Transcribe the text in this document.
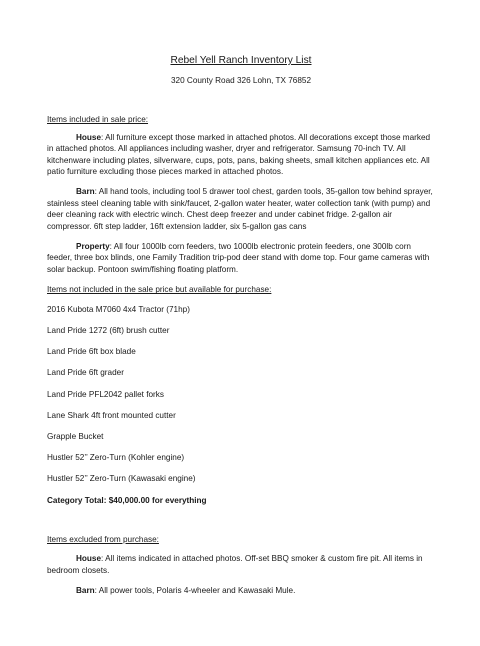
Rebel Yell Ranch Inventory List
320 County Road 326 Lohn, TX 76852
Items included in sale price:

House: All furniture except those marked in attached photos. All decorations except those marked in attached photos. All appliances including washer, dryer and refrigerator. Samsung 70-inch TV. All kitchenware including plates, silverware, cups, pots, pans, baking sheets, small kitchen appliances etc. All patio furniture excluding those pieces marked in attached photos.

Barn: All hand tools, including tool 5 drawer tool chest, garden tools, 35-gallon tow behind sprayer, stainless steel cleaning table with sink/faucet, 2-gallon water heater, water collection tank (with pump) and deer cleaning rack with electric winch. Chest deep freezer and under cabinet fridge. 2-gallon air compressor. 6ft step ladder, 16ft extension ladder, six 5-gallon gas cans

Property: All four 1000lb corn feeders, two 1000lb electronic protein feeders, one 300lb corn feeder, three box blinds, one Family Tradition trip-pod deer stand with dome top. Four game cameras with solar backup. Pontoon swim/fishing floating platform.

Items not included in the sale price but available for purchase:
2016 Kubota M7060 4x4 Tractor (71hp)
Land Pride 1272 (6ft) brush cutter
Land Pride 6ft box blade
Land Pride 6ft grader
Land Pride PFL2042 pallet forks
Lane Shark 4ft front mounted cutter
Grapple Bucket
Hustler 52’’ Zero-Turn (Kohler engine)
Hustler 52’’ Zero-Turn (Kawasaki engine)
Category Total: $40,000.00 for everything
Items excluded from purchase:

House: All items indicated in attached photos. Off-set BBQ smoker & custom fire pit. All items in bedroom closets.

Barn: All power tools, Polaris 4-wheeler and Kawasaki Mule.
